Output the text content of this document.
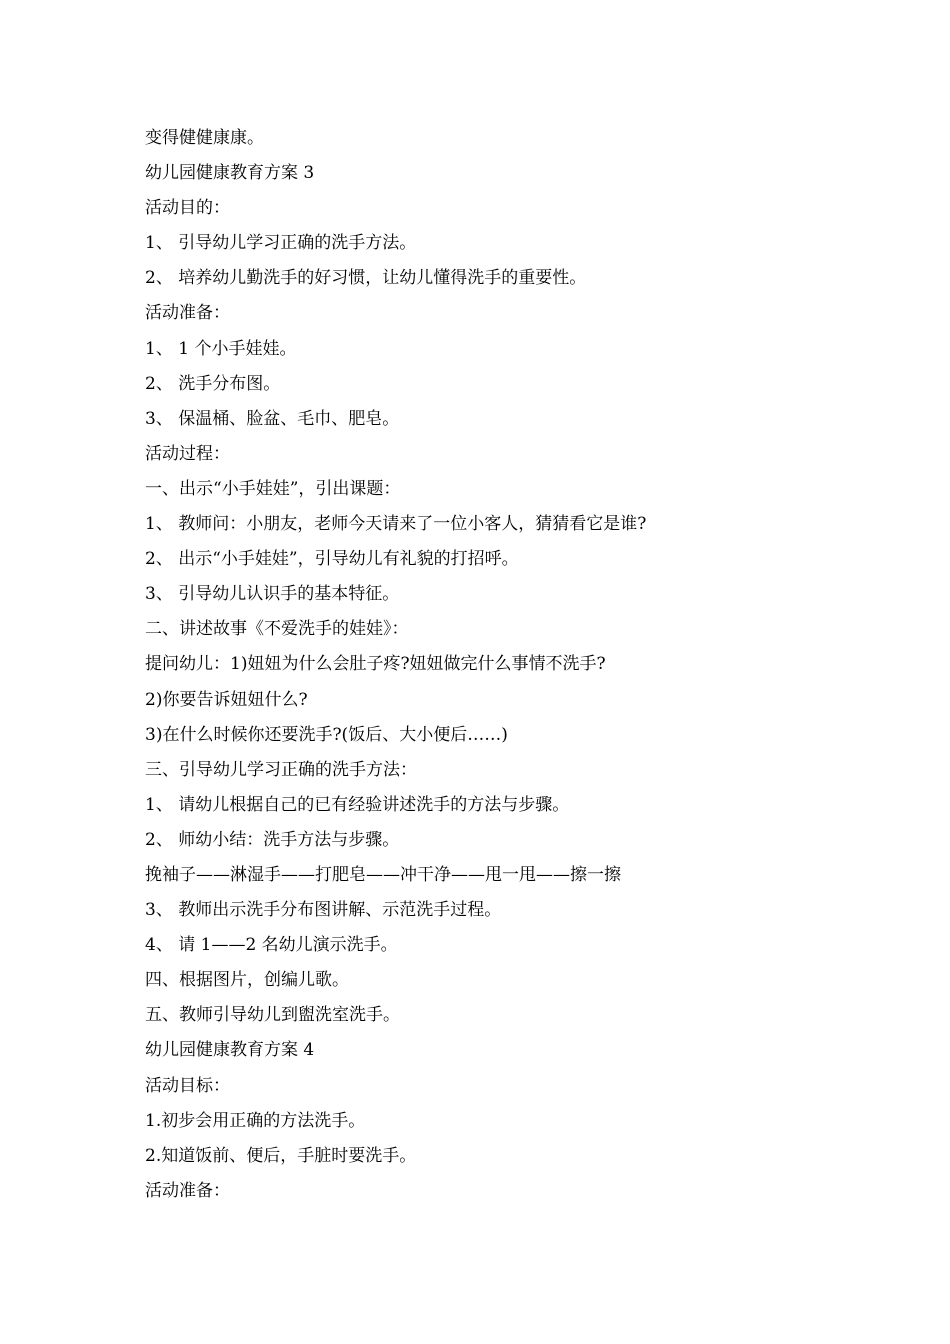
变得健健康康。
幼儿园健康教育方案 3
活动目的：
1、 引导幼儿学习正确的洗手方法。
2、 培养幼儿勤洗手的好习惯，让幼儿懂得洗手的重要性。
活动准备：
1、 1 个小手娃娃。
2、 洗手分布图。
3、 保温桶、脸盆、毛巾、肥皂。
活动过程：
一、出示“小手娃娃”，引出课题：
1、 教师问：小朋友，老师今天请来了一位小客人，猜猜看它是谁?
2、 出示“小手娃娃”，引导幼儿有礼貌的打招呼。
3、 引导幼儿认识手的基本特征。
二、讲述故事《不爱洗手的娃娃》：
提问幼儿：1)妞妞为什么会肚子疼?妞妞做完什么事情不洗手?
2)你要告诉妞妞什么?
3)在什么时候你还要洗手?(饭后、大小便后……)
三、引导幼儿学习正确的洗手方法：
1、 请幼儿根据自己的已有经验讲述洗手的方法与步骤。
2、 师幼小结：洗手方法与步骤。
挽袖子——淋湿手——打肥皂——冲干净——甩一甩——擦一擦
3、 教师出示洗手分布图讲解、示范洗手过程。
4、 请 1——2 名幼儿演示洗手。
四、根据图片，创编儿歌。
五、教师引导幼儿到盥洗室洗手。
幼儿园健康教育方案 4
活动目标：
1.初步会用正确的方法洗手。
2.知道饭前、便后，手脏时要洗手。
活动准备：
